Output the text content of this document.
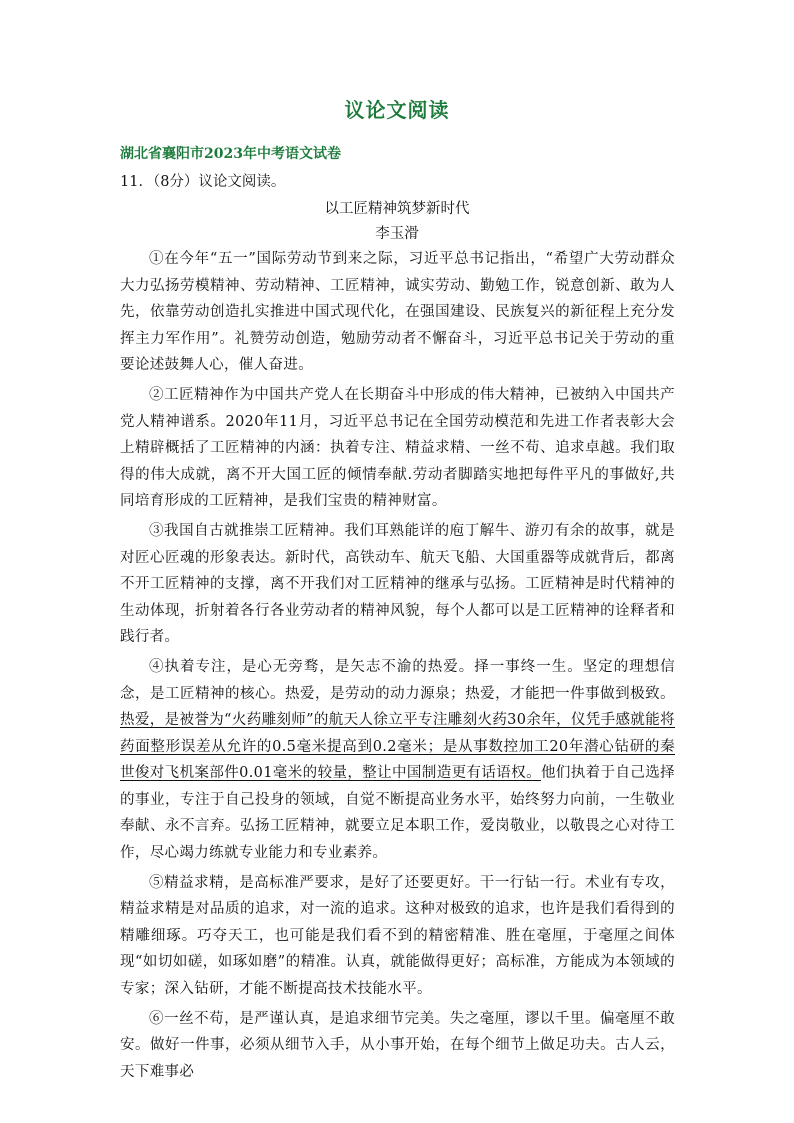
议论文阅读

湖北省襄阳市2023年中考语文试卷

11．（8分）议论文阅读。

以工匠精神筑梦新时代

李玉滑

①在今年“五一”国际劳动节到来之际，习近平总书记指出，“希望广大劳动群众大力弘扬劳模精神、劳动精神、工匠精神，诚实劳动、勤勉工作，锐意创新、敢为人先，依靠劳动创造扎实推进中国式现代化，在强国建设、民族复兴的新征程上充分发挥主力军作用”。礼赞劳动创造，勉励劳动者不懈奋斗，习近平总书记关于劳动的重要论述鼓舞人心，催人奋进。

②工匠精神作为中国共产党人在长期奋斗中形成的伟大精神，已被纳入中国共产党人精神谱系。2020年11月，习近平总书记在全国劳动模范和先进工作者表彰大会上精辟概括了工匠精神的内涵：执着专注、精益求精、一丝不苟、追求卓越。我们取得的伟大成就，离不开大国工匠的倾情奉献.劳动者脚踏实地把每件平凡的事做好,共同培育形成的工匠精神，是我们宝贵的精神财富。

③我国自古就推崇工匠精神。我们耳熟能详的庖丁解牛、游刃有余的故事，就是对匠心匠魂的形象表达。新时代，高铁动车、航天飞船、大国重器等成就背后，都离不开工匠精神的支撑，离不开我们对工匠精神的继承与弘扬。工匠精神是时代精神的生动体现，折射着各行各业劳动者的精神风貌，每个人都可以是工匠精神的诠释者和践行者。

④执着专注，是心无旁骛，是矢志不渝的热爱。择一事终一生。坚定的理想信念，是工匠精神的核心。热爱，是劳动的动力源泉；热爱，才能把一件事做到极致。热爱，是被誉为“火药雕刻师”的航天人徐立平专注雕刻火药30余年，仪凭手感就能将药面整形误差从允许的0.5毫米提高到0.2毫米；是从事数控加工20年潜心钻研的秦世俊对飞机案部件0.01毫米的较量，整让中国制造更有话语权。他们执着于自己选择的事业，专注于自己投身的领域，自觉不断提高业务水平，始终努力向前，一生敬业奉献、永不言弃。弘扬工匠精神，就要立足本职工作，爱岗敬业，以敬畏之心对待工作，尽心竭力练就专业能力和专业素养。

⑤精益求精，是高标准严要求，是好了还要更好。干一行钻一行。术业有专攻，精益求精是对品质的追求，对一流的追求。这种对极致的追求，也许是我们看得到的精雕细琢。巧夺天工，也可能是我们看不到的精密精准、胜在毫厘，于毫厘之间体现“如切如磋，如琢如磨”的精准。认真，就能做得更好；高标准，方能成为本领域的专家；深入钻研，才能不断提高技术技能水平。

⑥一丝不苟，是严谨认真，是追求细节完美。失之毫厘，谬以千里。偏毫厘不敢安。做好一件事，必须从细节入手，从小事开始，在每个细节上做足功夫。古人云，天下难事必
